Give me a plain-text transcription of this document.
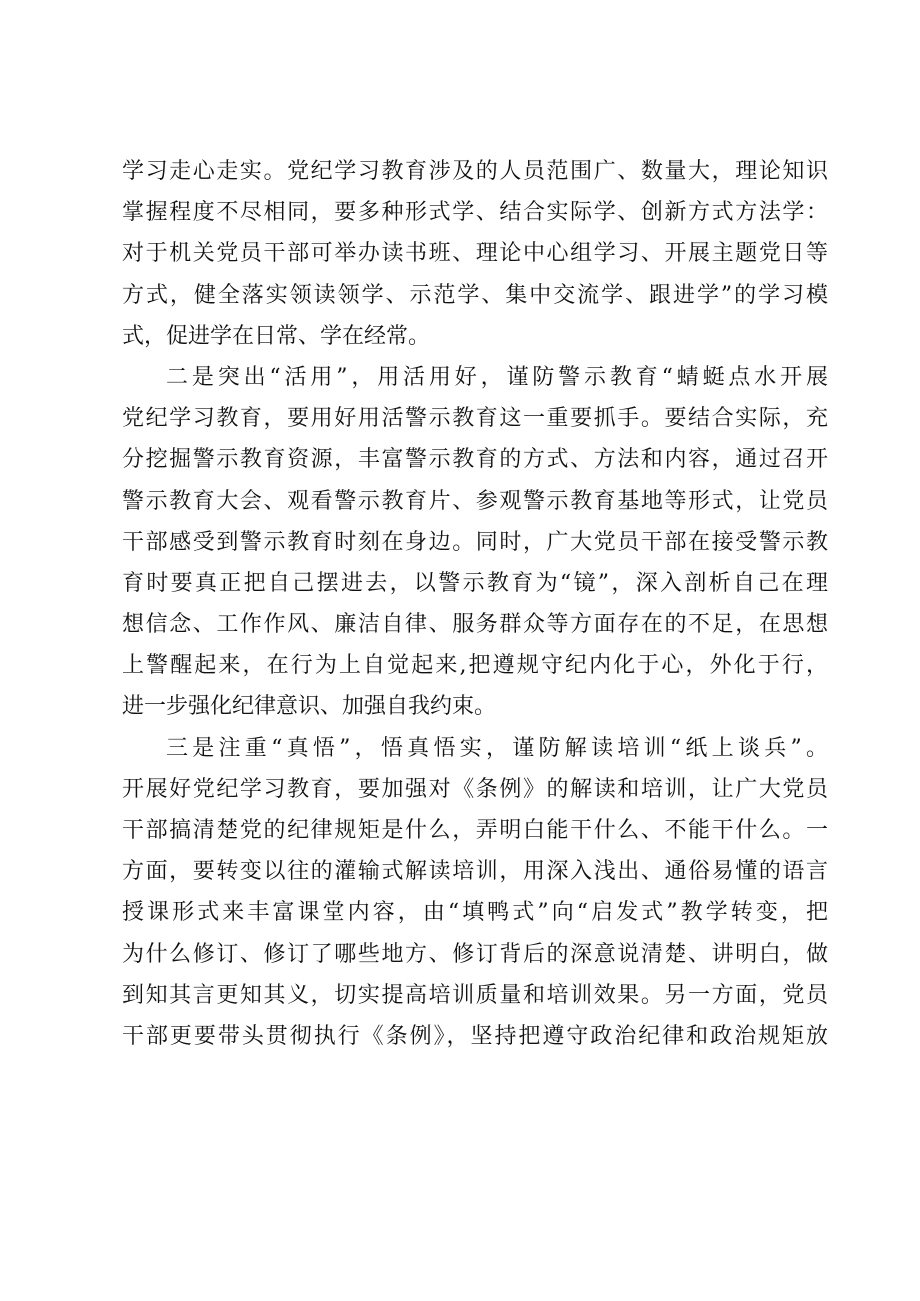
学习走心走实。党纪学习教育涉及的人员范围广、数量大，理论知识
掌握程度不尽相同，要多种形式学、结合实际学、创新方式方法学：
对于机关党员干部可举办读书班、理论中心组学习、开展主题党日等
方式，健全落实领读领学、示范学、集中交流学、跟进学”的学习模
式，促进学在日常、学在经常。
二是突出“活用”，用活用好，谨防警示教育“蜻蜓点水开展
党纪学习教育，要用好用活警示教育这一重要抓手。要结合实际，充
分挖掘警示教育资源，丰富警示教育的方式、方法和内容，通过召开
警示教育大会、观看警示教育片、参观警示教育基地等形式，让党员
干部感受到警示教育时刻在身边。同时，广大党员干部在接受警示教
育时要真正把自己摆进去，以警示教育为“镜”，深入剖析自己在理
想信念、工作作风、廉洁自律、服务群众等方面存在的不足，在思想
上警醒起来，在行为上自觉起来,把遵规守纪内化于心，外化于行，
进一步强化纪律意识、加强自我约束。
三是注重“真悟”，悟真悟实，谨防解读培训“纸上谈兵”。
开展好党纪学习教育，要加强对《条例》的解读和培训，让广大党员
干部搞清楚党的纪律规矩是什么，弄明白能干什么、不能干什么。一
方面，要转变以往的灌输式解读培训，用深入浅出、通俗易懂的语言
授课形式来丰富课堂内容，由“填鸭式”向“启发式”教学转变，把
为什么修订、修订了哪些地方、修订背后的深意说清楚、讲明白，做
到知其言更知其义，切实提高培训质量和培训效果。另一方面，党员
干部更要带头贯彻执行《条例》，坚持把遵守政治纪律和政治规矩放
